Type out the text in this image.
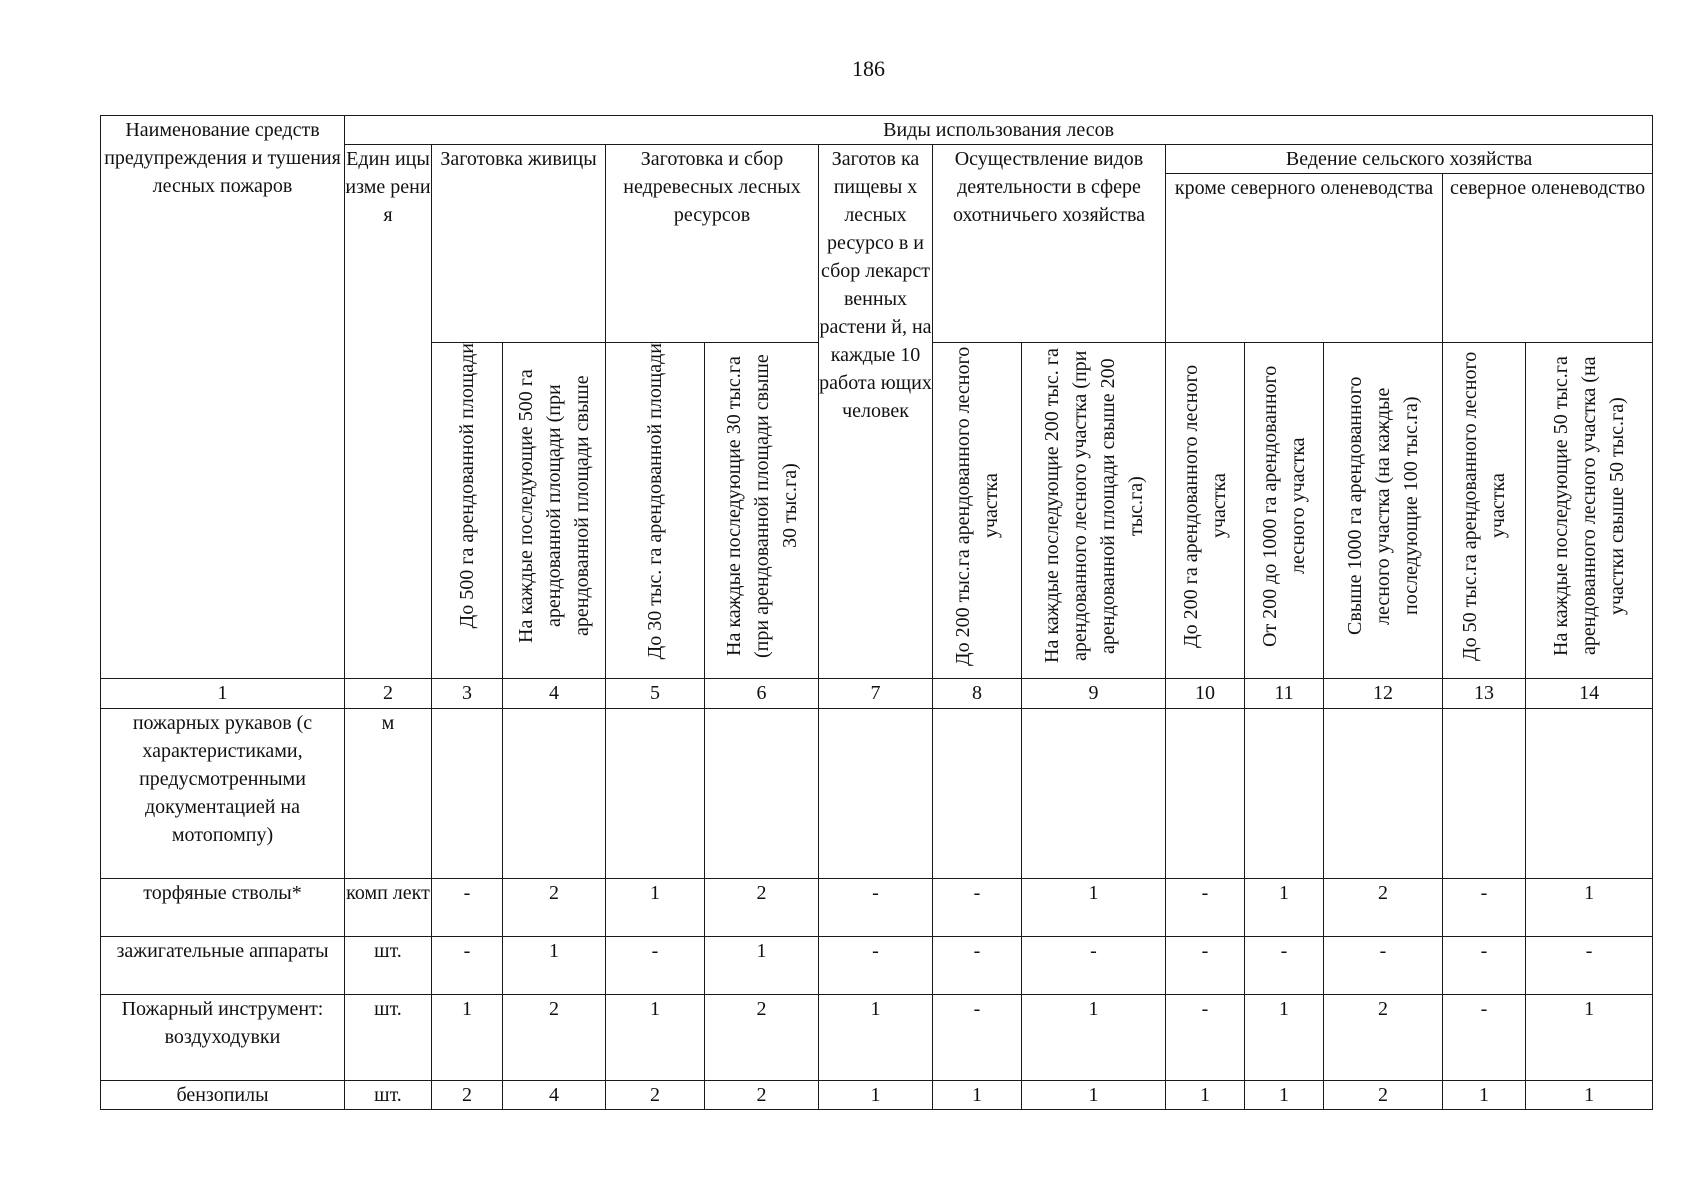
186
Наименование средств предупреждения и тушения лесных пожаров	Виды использования лесов												
	Един ицы изме рени я	Заготовка живицы		Заготовка и сбор недревесных лесных ресурсов		Заготов ка пищевы х лесных ресурсо в и сбор лекарст венных растени й, на каждые 10 работа ющих человек	Осуществление видов деятельности в сфере охотничьего хозяйства		Ведение сельского хозяйства				
									кроме северного оленеводства			северное оленеводство	

		До 500 га арендованной площади	На каждые последующие 500 га арендованной площади (при арендованной площади свыше	До 30 тыс. га арендованной площади	На каждые последующие 30 тыс.га (при арендованной площади свыше 30 тыс.га)		До 200 тыс.га арендованного лесного участка	На каждые последующие 200 тыс. га арендованного лесного участка (при арендованной площади свыше 200 тыс.га)	До 200 га арендованного лесного участка	От 200 до 1000 га арендованного лесного участка	Свыше 1000 га арендованного лесного участка (на каждые последующие 100 тыс.га)	До 50 тыс.га арендованного лесного участка	На каждые последующие 50 тыс.га арендованного лесного участка (на участки свыше 50 тыс.га)

1	2	3	4	5	6	7	8	9	10	11	12	13	14
пожарных рукавов (с характеристиками, предусмотренными документацией на мотопомпу)	м												
торфяные стволы*	комп лект	-	2	1	2	-	-	1	-	1	2	-	1
зажигательные аппараты	шт.	-	1	-	1	-	-	-	-	-	-	-	-
Пожарный инструмент: воздуходувки	шт.	1	2	1	2	1	-	1	-	1	2	-	1
бензопилы	шт.	2	4	2	2	1	1	1	1	1	2	1	1
